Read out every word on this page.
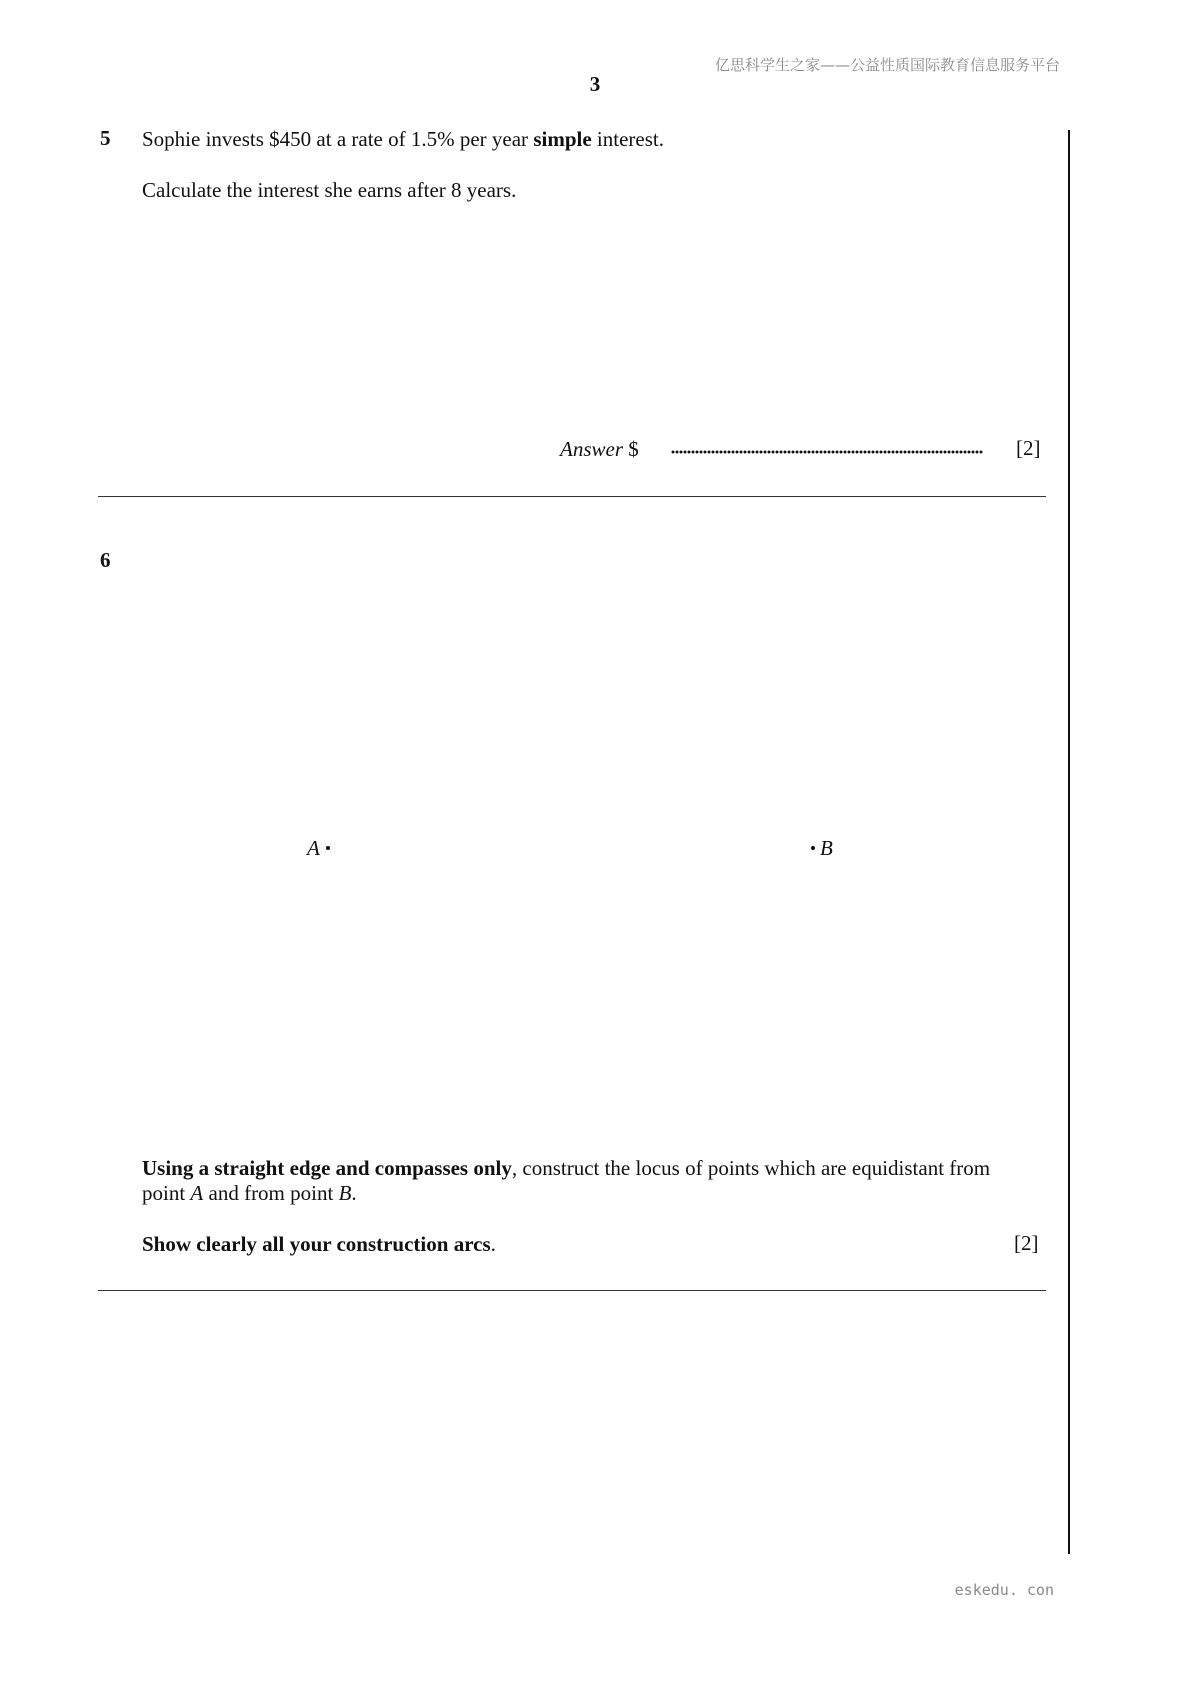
亿思科学生之家——公益性质国际教育信息服务平台
3
5 Sophie invests $450 at a rate of 1.5% per year simple interest.
Calculate the interest she earns after 8 years.
Answer $	[2]
6
A	B
Using a straight edge and compasses only, construct the locus of points which are equidistant from
point A and from point B.
Show clearly all your construction arcs.	[2]
eskedu. con
